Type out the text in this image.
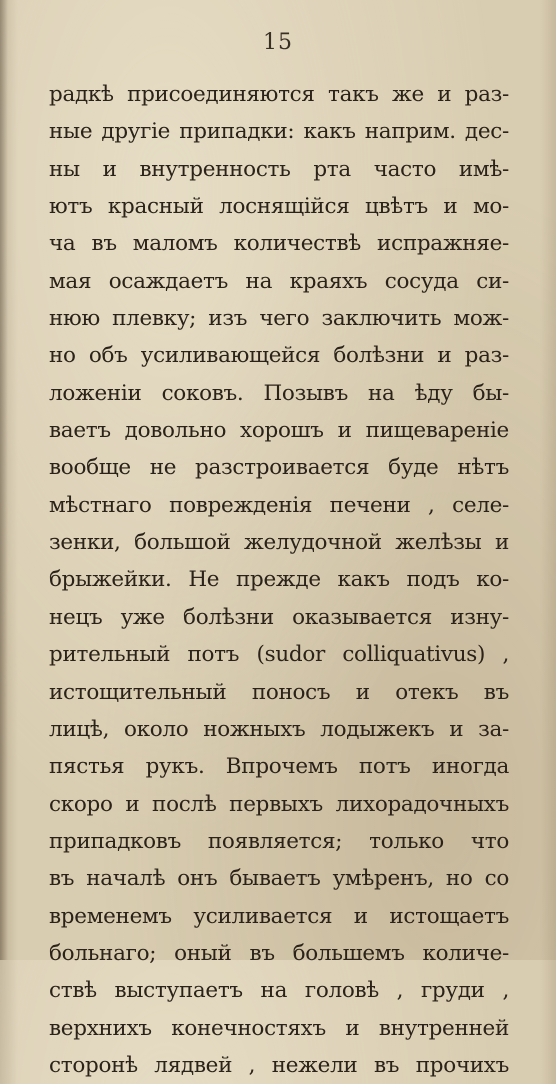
15
радкѣ присоединяются такъ же и раз-
ные другiе припадки: какъ наприм. дес-
ны и внутренность рта часто имѣ-
ютъ красный лоснящiйся цвѣтъ и мо-
ча въ маломъ количествѣ испражняе-
мая осаждаетъ на краяхъ сосуда си-
нюю плевку; изъ чего заключить мож-
но объ усиливающейся болѣзни и раз-
ложенiи соковъ. Позывъ на ѣду бы-
ваетъ довольно хорошъ и пищеваренiе
вообще не разстроивается буде нѣтъ
мѣстнаго поврежденiя печени , селе-
зенки, большой желудочной желѣзы и
брыжейки. Не прежде какъ подъ ко-
нецъ уже болѣзни оказывается изну-
рительный потъ (sudor colliquativus) ,
истощительный поносъ и отекъ въ
лицѣ, около ножныхъ лодыжекъ и за-
пястья рукъ. Впрочемъ потъ иногда
скоро и послѣ первыхъ лихорадочныхъ
припадковъ появляется; только что
въ началѣ онъ бываетъ умѣренъ, но со
временемъ усиливается и истощаетъ
больнаго; оный въ большемъ количе-
ствѣ выступаетъ на головѣ , груди ,
верхнихъ конечностяхъ и внутренней
сторонѣ лядвей , нежели въ прочихъ
